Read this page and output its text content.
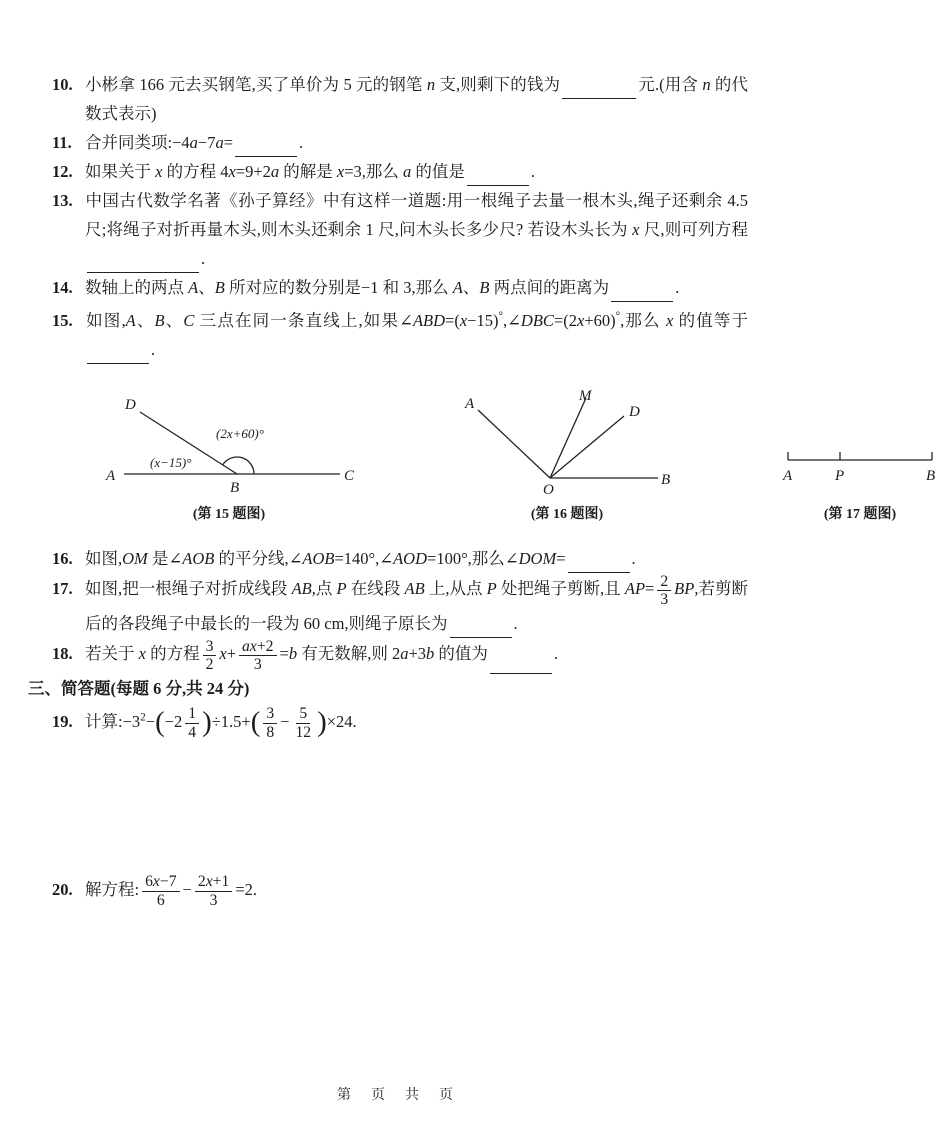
10. 小彬拿 166 元去买钢笔,买了单价为 5 元的钢笔 n 支,则剩下的钱为	元.(用含 n 的代数式表示)
11. 合并同类项:−4a−7a=	.
12. 如果关于 x 的方程 4x=9+2a 的解是 x=3,那么 a 的值是	.
13. 中国古代数学名著《孙子算经》中有这样一道题:用一根绳子去量一根木头,绳子还剩余 4.5 尺;将绳子对折再量木头,则木头还剩余 1 尺,问木头长多少尺? 若设木头长为 x 尺,则可列方程.
14. 数轴上的两点 A、B 所对应的数分别是−1 和 3,那么 A、B 两点间的距离为	.
15. 如图,A、B、C 三点在同一条直线上,如果∠ABD=(x−15)°,∠DBC=(2x+60)°,那么 x 的值等于.
A
B
C
D
(x−15)°
(2x+60)°
(第 15 题图)
A	M
D
B
O
(第 16 题图)
A	P	B
(第 17 题图)
16. 如图,OM 是∠AOB 的平分线,∠AOB=140°,∠AOD=100°,那么∠DOM=	.
17. 如图,把一根绳子对折成线段 AB,点 P 在线段 AB 上,从点 P 处把绳子剪断,且 $AP= \frac{2}{3}$ BP,若剪断后的各段绳子中最长的一段为 60 cm,则绳子原长为	.
18. 若关于 x 的方程 $\frac{3}{2} x+ \frac{ax+2}{3} =b$ 有无数解,则 2a+3b 的值为	.
三、简答题(每题 6 分,共 24 分)
19. 计算$:-3^2-(-2 \frac{1}{4} )\div 1.5+( \frac{3}{8} - \frac{5}{12} )\times 24$.
20. 解方程: $\frac{6x-7}{6} - \frac{2x+1}{3} =2$.
第　页　共　页
